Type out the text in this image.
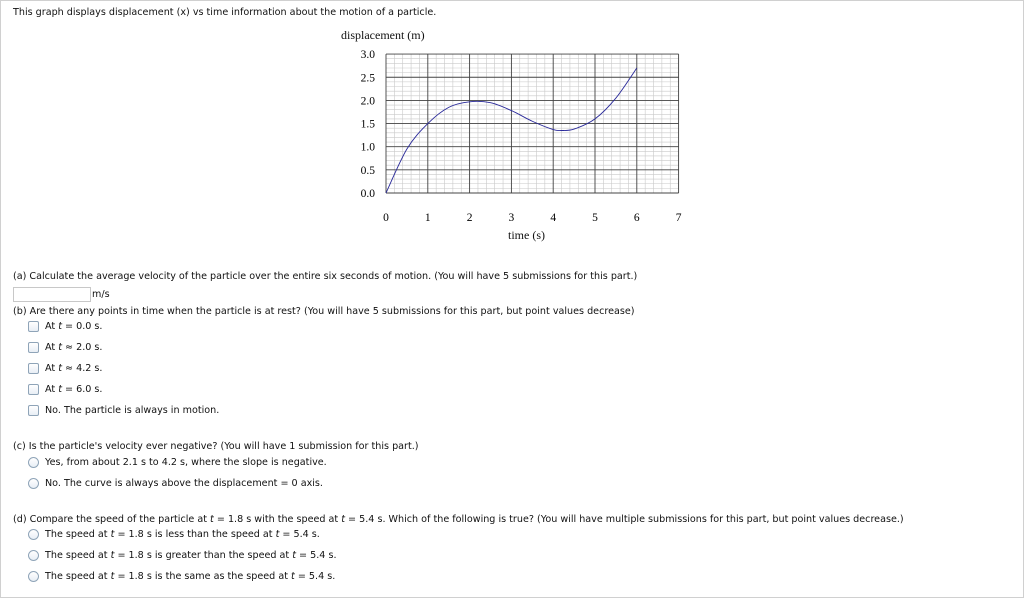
This graph displays displacement (x) vs time information about the motion of a particle.
displacement (m)
time (s)
3.0
2.5
2.0
1.5
1.0
0.5
0.0
0	1	2	3	4	5	6	7
(a) Calculate the average velocity of the particle over the entire six seconds of motion. (You will have 5 submissions for this part.)
m/s
(b) Are there any points in time when the particle is at rest? (You will have 5 submissions for this part, but point values decrease)
At t = 0.0 s.
At t ≈ 2.0 s.
At t ≈ 4.2 s.
At t = 6.0 s.
No. The particle is always in motion.
(c) Is the particle's velocity ever negative? (You will have 1 submission for this part.)
Yes, from about 2.1 s to 4.2 s, where the slope is negative.
No. The curve is always above the displacement = 0 axis.
(d) Compare the speed of the particle at t = 1.8 s with the speed at t = 5.4 s. Which of the following is true? (You will have multiple submissions for this part, but point values decrease.)
The speed at t = 1.8 s is less than the speed at t = 5.4 s.
The speed at t = 1.8 s is greater than the speed at t = 5.4 s.
The speed at t = 1.8 s is the same as the speed at t = 5.4 s.
